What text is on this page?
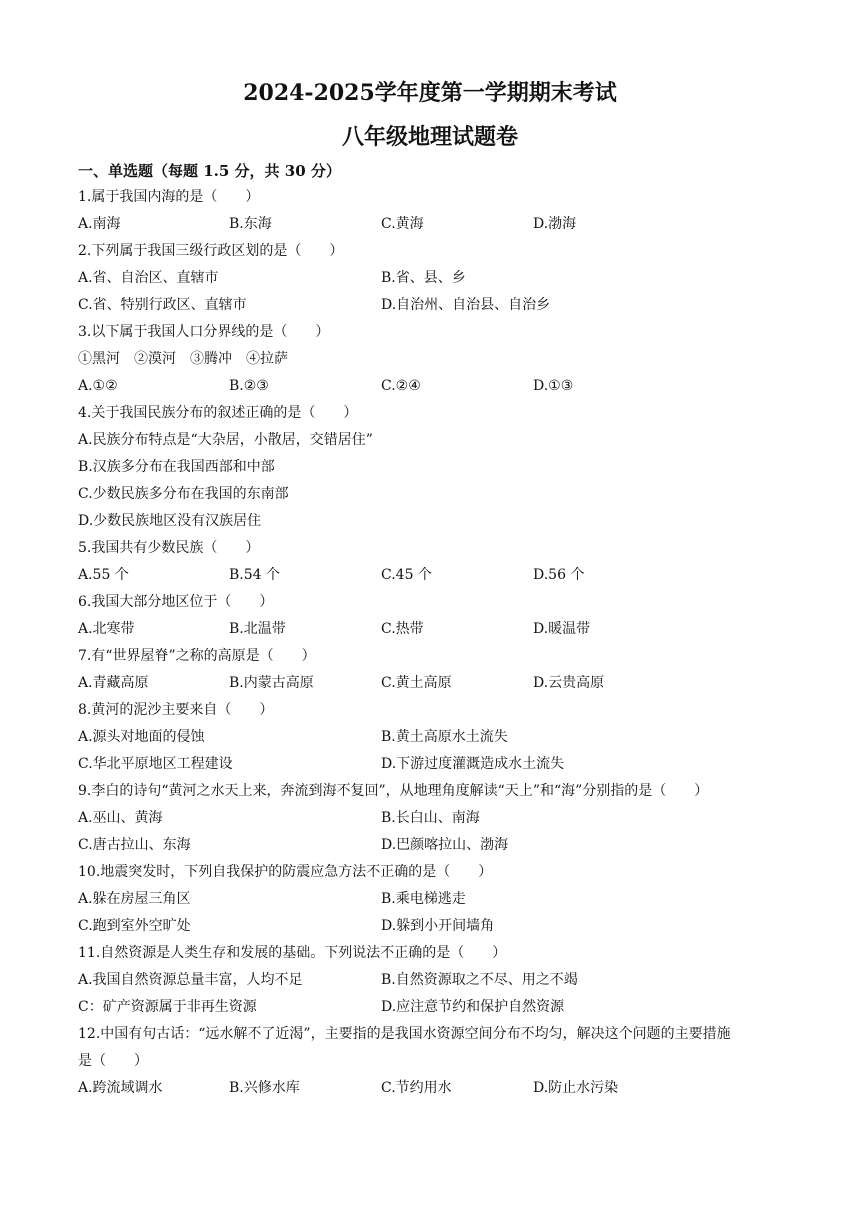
2024-2025学年度第一学期期末考试
八年级地理试题卷
一、单选题（每题 1.5 分，共 30 分）
1.属于我国内海的是（　　）
A.南海	B.东海	C.黄海	D.渤海
2.下列属于我国三级行政区划的是（　　）
A.省、自治区、直辖市	B.省、县、乡
C.省、特别行政区、直辖市	D.自治州、自治县、自治乡
3.以下属于我国人口分界线的是（　　）
①黑河　②漠河　③腾冲　④拉萨
A.①②	B.②③	C.②④	D.①③
4.关于我国民族分布的叙述正确的是（　　）
A.民族分布特点是“大杂居，小散居，交错居住”
B.汉族多分布在我国西部和中部
C.少数民族多分布在我国的东南部
D.少数民族地区没有汉族居住
5.我国共有少数民族（　　）
A.55 个	B.54 个	C.45 个	D.56 个
6.我国大部分地区位于（　　）
A.北寒带	B.北温带	C.热带	D.暖温带
7.有“世界屋脊”之称的高原是（　　）
A.青藏高原	B.内蒙古高原	C.黄土高原	D.云贵高原
8.黄河的泥沙主要来自（　　）
A.源头对地面的侵蚀	B.黄土高原水土流失
C.华北平原地区工程建设	D.下游过度灌溉造成水土流失
9.李白的诗句“黄河之水天上来，奔流到海不复回”，从地理角度解读“天上”和“海”分别指的是（　　）
A.巫山、黄海	B.长白山、南海
C.唐古拉山、东海	D.巴颜喀拉山、渤海
10.地震突发时，下列自我保护的防震应急方法不正确的是（　　）
A.躲在房屋三角区	B.乘电梯逃走
C.跑到室外空旷处	D.躲到小开间墙角
11.自然资源是人类生存和发展的基础。下列说法不正确的是（　　）
A.我国自然资源总量丰富，人均不足	B.自然资源取之不尽、用之不竭
C：矿产资源属于非再生资源	D.应注意节约和保护自然资源
12.中国有句古话：“远水解不了近渴”，主要指的是我国水资源空间分布不均匀，解决这个问题的主要措施
是（　　）
A.跨流域调水	B.兴修水库	C.节约用水	D.防止水污染
